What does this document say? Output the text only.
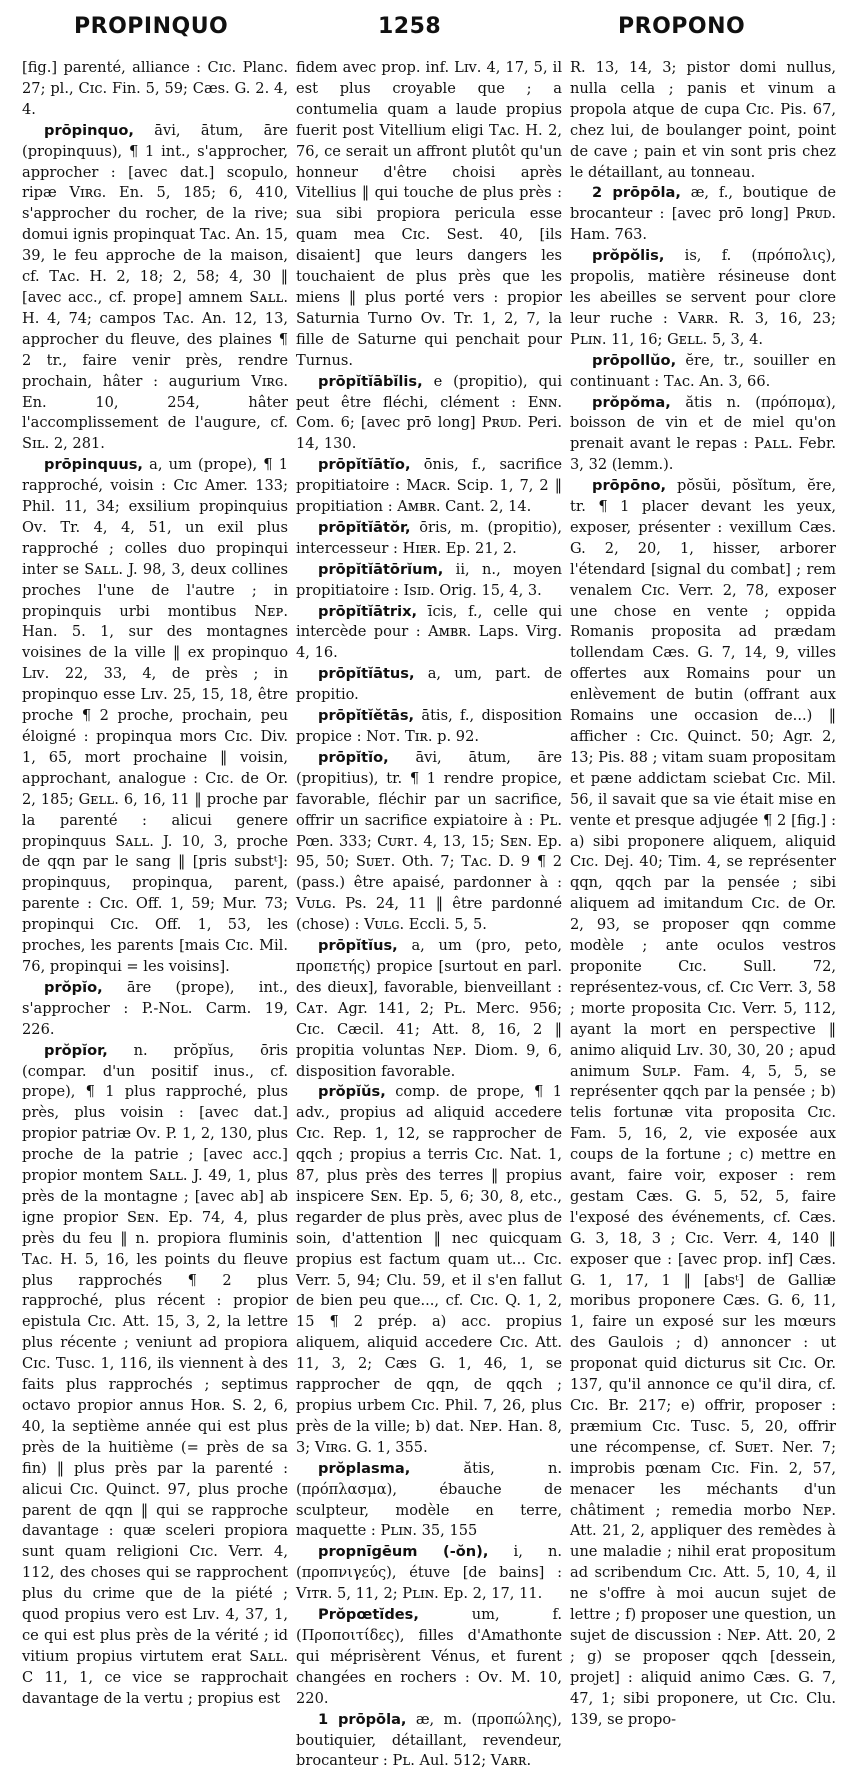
PROPINQUO	1258	PROPONO

[fig.] parenté, alliance : Cɪc. Planc. 27; pl., Cɪc. Fin. 5, 59; Cæs. G. 2. 4, 4.

prōpinquo, āvi, ātum, āre (propinquus), ¶ 1 int., s'approcher, approcher : [avec dat.] scopulo, ripæ Vɪʀɢ. En. 5, 185; 6, 410, s'approcher du rocher, de la rive; domui ignis propinquat Tᴀᴄ. An. 15, 39, le feu approche de la maison, cf. Tᴀᴄ. H. 2, 18; 2, 58; 4, 30 ‖ [avec acc., cf. prope] amnem Sᴀʟʟ. H. 4, 74; campos Tᴀᴄ. An. 12, 13, approcher du fleuve, des plaines ¶ 2 tr., faire venir près, rendre prochain, hâter : augurium Vɪʀɢ. En. 10, 254, hâter l'accomplissement de l'augure, cf. Sɪʟ. 2, 281.

prōpinquus, a, um (prope), ¶ 1 rapproché, voisin : Cɪc Amer. 133; Phil. 11, 34; exsilium propinquius Oᴠ. Tr. 4, 4, 51, un exil plus rapproché ; colles duo propinqui inter se Sᴀʟʟ. J. 98, 3, deux collines proches l'une de l'autre ; in propinquis urbi montibus Nᴇᴘ. Han. 5. 1, sur des montagnes voisines de la ville ‖ ex propinquo Lɪᴠ. 22, 33, 4, de près ; in propinquo esse Lɪᴠ. 25, 15, 18, être proche ¶ 2 proche, prochain, peu éloigné : propinqua mors Cɪc. Div. 1, 65, mort prochaine ‖ voisin, approchant, analogue : Cɪc. de Or. 2, 185; Gᴇʟʟ. 6, 16, 11 ‖ proche par la parenté : alicui genere propinquus Sᴀʟʟ. J. 10, 3, proche de qqn par le sang ‖ [pris substᵗ]: propinquus, propinqua, parent, parente : Cɪc. Off. 1, 59; Mur. 73; propinqui Cɪc. Off. 1, 53, les proches, les parents [mais Cɪc. Mil. 76, propinqui = les voisins].

prŏpĭo, āre (prope), int., s'approcher : P.-Nᴏʟ. Carm. 19, 226.

prŏpĭor, n. prŏpĭus, ōris (compar. d'un positif inus., cf. prope), ¶ 1 plus rapproché, plus près, plus voisin : [avec dat.] propior patriæ Oᴠ. P. 1, 2, 130, plus proche de la patrie ; [avec acc.] propior montem Sᴀʟʟ. J. 49, 1, plus près de la montagne ; [avec ab] ab igne propior Sᴇɴ. Ep. 74, 4, plus près du feu ‖ n. propiora fluminis Tᴀᴄ. H. 5, 16, les points du fleuve plus rapprochés ¶ 2 plus rapproché, plus récent : propior epistula Cɪc. Att. 15, 3, 2, la lettre plus récente ; veniunt ad propiora Cɪc. Tusc. 1, 116, ils viennent à des faits plus rapprochés ; septimus octavo propior annus Hᴏʀ. S. 2, 6, 40, la septième année qui est plus près de la huitième (= près de sa fin) ‖ plus près par la parenté : alicui Cɪc. Quinct. 97, plus proche parent de qqn ‖ qui se rapproche davantage : quæ sceleri propiora sunt quam religioni Cɪc. Verr. 4, 112, des choses qui se rapprochent plus du crime que de la piété ; quod propius vero est Lɪᴠ. 4, 37, 1, ce qui est plus près de la vérité ; id vitium propius virtutem erat Sᴀʟʟ. C 11, 1, ce vice se rapprochait davantage de la vertu ; propius est

fidem avec prop. inf. Lɪᴠ. 4, 17, 5, il est plus croyable que ; a contumelia quam a laude propius fuerit post Vitellium eligi Tᴀᴄ. H. 2, 76, ce serait un affront plutôt qu'un honneur d'être choisi après Vitellius ‖ qui touche de plus près : sua sibi propiora pericula esse quam mea Cɪc. Sest. 40, [ils disaient] que leurs dangers les touchaient de plus près que les miens ‖ plus porté vers : propior Saturnia Turno Oᴠ. Tr. 1, 2, 7, la fille de Saturne qui penchait pour Turnus.

prōpĭtĭābĭlis, e (propitio), qui peut être fléchi, clément : Eɴɴ. Com. 6; [avec prō long] Pʀᴜᴅ. Peri. 14, 130.

prōpĭtĭātĭo, ōnis, f., sacrifice propitiatoire : Mᴀᴄʀ. Scip. 1, 7, 2 ‖ propitiation : Aᴍʙʀ. Cant. 2, 14.

prōpĭtĭātŏr, ōris, m. (propitio), intercesseur : Hɪᴇʀ. Ep. 21, 2.

prōpĭtĭātōrĭum, ii, n., moyen propitiatoire : Isɪᴅ. Orig. 15, 4, 3.

prōpĭtĭātrix, īcis, f., celle qui intercède pour : Aᴍʙʀ. Laps. Virg. 4, 16.

prōpĭtĭātus, a, um, part. de propitio.

prōpĭtĭĕtās, ātis, f., disposition propice : Nᴏᴛ. Tɪʀ. p. 92.

prōpĭtĭo, āvi, ātum, āre (propitius), tr. ¶ 1 rendre propice, favorable, fléchir par un sacrifice, offrir un sacrifice expiatoire à : Pʟ. Pœn. 333; Cᴜʀᴛ. 4, 13, 15; Sᴇɴ. Ep. 95, 50; Sᴜᴇᴛ. Oth. 7; Tᴀᴄ. D. 9 ¶ 2 (pass.) être apaisé, pardonner à : Vᴜʟɢ. Ps. 24, 11 ‖ être pardonné (chose) : Vᴜʟɢ. Eccli. 5, 5.

prōpĭtĭus, a, um (pro, peto, προπετής) propice [surtout en parl. des dieux], favorable, bienveillant : Cᴀᴛ. Agr. 141, 2; Pʟ. Merc. 956; Cɪc. Cæcil. 41; Att. 8, 16, 2 ‖ propitia voluntas Nᴇᴘ. Diom. 9, 6, disposition favorable.

prŏpĭŭs, comp. de prope, ¶ 1 adv., propius ad aliquid accedere Cɪc. Rep. 1, 12, se rapprocher de qqch ; propius a terris Cɪc. Nat. 1, 87, plus près des terres ‖ propius inspicere Sᴇɴ. Ep. 5, 6; 30, 8, etc., regarder de plus près, avec plus de soin, d'attention ‖ nec quicquam propius est factum quam ut... Cɪc. Verr. 5, 94; Clu. 59, et il s'en fallut de bien peu que..., cf. Cɪc. Q. 1, 2, 15 ¶ 2 prép. a) acc. propius aliquem, aliquid accedere Cɪc. Att. 11, 3, 2; Cæs G. 1, 46, 1, se rapprocher de qqn, de qqch ; propius urbem Cɪc. Phil. 7, 26, plus près de la ville; b) dat. Nᴇᴘ. Han. 8, 3; Vɪʀɢ. G. 1, 355.

prŏplasma, ătis, n. (πρόπλασμα), ébauche de sculpteur, modèle en terre, maquette : Pʟɪɴ. 35, 155

propnīgēum (-ŏn), i, n. (προπνιγεύς), étuve [de bains] : Vɪᴛʀ. 5, 11, 2; Pʟɪɴ. Ep. 2, 17, 11.

Prŏpœtĭdes, um, f. (Προποιτίδες), filles d'Amathonte qui méprisèrent Vénus, et furent changées en rochers : Oᴠ. M. 10, 220.

1 prōpōla, æ, m. (προπώλης), boutiquier, détaillant, revendeur, brocanteur : Pʟ. Aul. 512; Vᴀʀʀ.

R. 13, 14, 3; pistor domi nullus, nulla cella ; panis et vinum a propola atque de cupa Cɪc. Pis. 67, chez lui, de boulanger point, point de cave ; pain et vin sont pris chez le détaillant, au tonneau.

2 prōpōla, æ, f., boutique de brocanteur : [avec prō long] Pʀᴜᴅ. Ham. 763.

prŏpŏlis, is, f. (πρόπολις), propolis, matière résineuse dont les abeilles se servent pour clore leur ruche : Vᴀʀʀ. R. 3, 16, 23; Pʟɪɴ. 11, 16; Gᴇʟʟ. 5, 3, 4.

prōpollŭo, ĕre, tr., souiller en continuant : Tᴀᴄ. An. 3, 66.

prŏpŏma, ătis n. (πρόπομα), boisson de vin et de miel qu'on prenait avant le repas : Pᴀʟʟ. Febr. 3, 32 (lemm.).

prōpōno, pŏsŭi, pŏsĭtum, ĕre, tr. ¶ 1 placer devant les yeux, exposer, présenter : vexillum Cæs. G. 2, 20, 1, hisser, arborer l'étendard [signal du combat] ; rem venalem Cɪc. Verr. 2, 78, exposer une chose en vente ; oppida Romanis proposita ad prædam tollendam Cæs. G. 7, 14, 9, villes offertes aux Romains pour un enlèvement de butin (offrant aux Romains une occasion de...) ‖ afficher : Cɪc. Quinct. 50; Agr. 2, 13; Pis. 88 ; vitam suam propositam et pæne addictam sciebat Cɪc. Mil. 56, il savait que sa vie était mise en vente et presque adjugée ¶ 2 [fig.] : a) sibi proponere aliquem, aliquid Cɪc. Dej. 40; Tim. 4, se représenter qqn, qqch par la pensée ; sibi aliquem ad imitandum Cɪc. de Or. 2, 93, se proposer qqn comme modèle ; ante oculos vestros proponite Cɪc. Sull. 72, représentez-vous, cf. Cɪc Verr. 3, 58 ; morte proposita Cɪc. Verr. 5, 112, ayant la mort en perspective ‖ animo aliquid Lɪᴠ. 30, 30, 20 ; apud animum Sᴜʟᴘ. Fam. 4, 5, 5, se représenter qqch par la pensée ; b) telis fortunæ vita proposita Cɪc. Fam. 5, 16, 2, vie exposée aux coups de la fortune ; c) mettre en avant, faire voir, exposer : rem gestam Cæs. G. 5, 52, 5, faire l'exposé des événements, cf. Cæs. G. 3, 18, 3 ; Cɪc. Verr. 4, 140 ‖ exposer que : [avec prop. inf] Cæs. G. 1, 17, 1 ‖ [absᵗ] de Galliæ moribus proponere Cæs. G. 6, 11, 1, faire un exposé sur les mœurs des Gaulois ; d) annoncer : ut proponat quid dicturus sit Cɪc. Or. 137, qu'il annonce ce qu'il dira, cf. Cɪc. Br. 217; e) offrir, proposer : præmium Cɪc. Tusc. 5, 20, offrir une récompense, cf. Sᴜᴇᴛ. Ner. 7; improbis pœnam Cɪc. Fin. 2, 57, menacer les méchants d'un châtiment ; remedia morbo Nᴇᴘ. Att. 21, 2, appliquer des remèdes à une maladie ; nihil erat propositum ad scribendum Cɪc. Att. 5, 10, 4, il ne s'offre à moi aucun sujet de lettre ; f) proposer une question, un sujet de discussion : Nᴇᴘ. Att. 20, 2 ; g) se proposer qqch [dessein, projet] : aliquid animo Cæs. G. 7, 47, 1; sibi proponere, ut Cɪc. Clu. 139, se propo-
